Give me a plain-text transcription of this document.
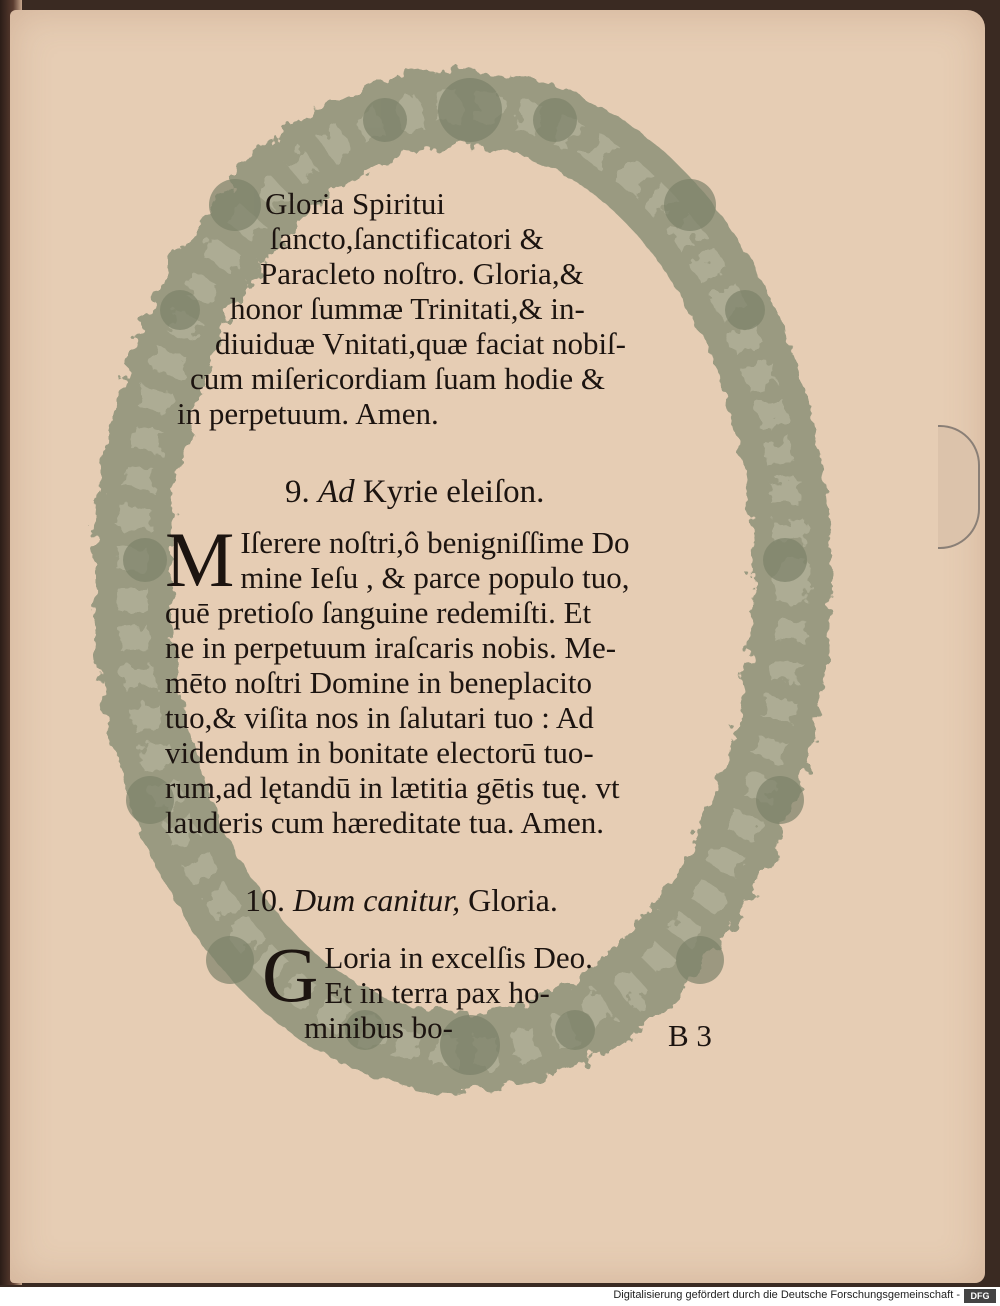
Gloria Spiritui
ſancto,ſanctificatori &
Paracleto noſtro. Gloria,&
honor ſummæ Trinitati,& in-
diuiduæ Vnitati,quæ faciat nobiſ-
cum miſericordiam ſuam hodie &
in perpetuum. Amen.
9. Ad Kyrie eleiſon.
M Iſerere noſtri,ô benigniſſime Do
mine Ieſu , & parce populo tuo,
quē pretioſo ſanguine redemiſti. Et
ne in perpetuum iraſcaris nobis. Me-
mēto noſtri Domine in beneplacito
tuo,& viſita nos in ſalutari tuo : Ad
videndum in bonitate electorū tuo-
rum,ad lętandū in lætitia gētis tuę. vt
lauderis cum hæreditate tua. Amen.
10. Dum canitur, Gloria.
G Loria in excelſis Deo.
Et in terra pax ho-
minibus bo-	B 3
Digitalisierung gefördert durch die Deutsche Forschungsgemeinschaft -	DFG
